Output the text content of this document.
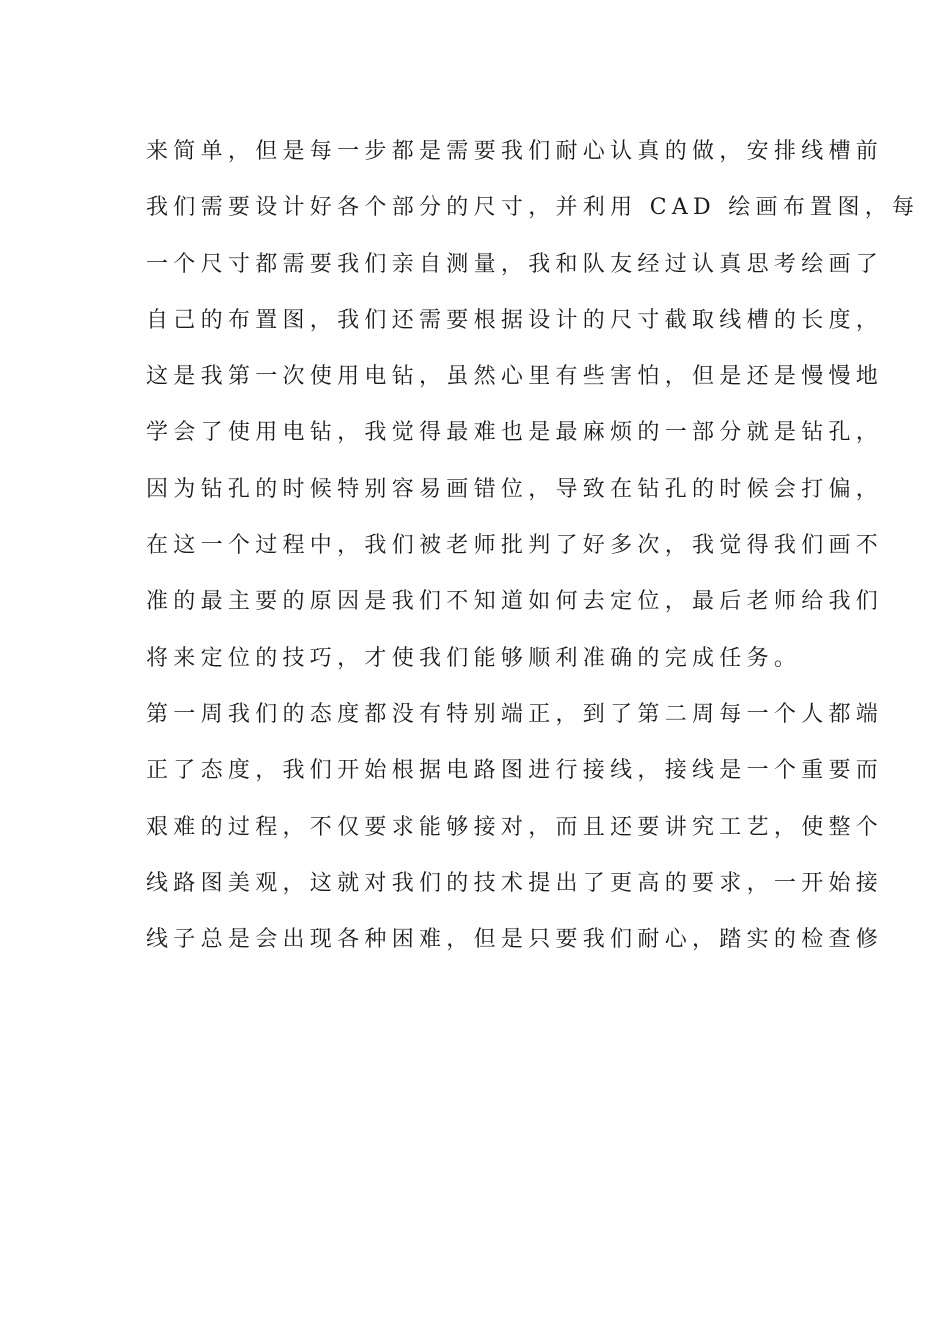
来简单，但是每一步都是需要我们耐心认真的做，安排线槽前
我们需要设计好各个部分的尺寸，并利用 CAD 绘画布置图，每
一个尺寸都需要我们亲自测量，我和队友经过认真思考绘画了
自己的布置图，我们还需要根据设计的尺寸截取线槽的长度，
这是我第一次使用电钻，虽然心里有些害怕，但是还是慢慢地
学会了使用电钻，我觉得最难也是最麻烦的一部分就是钻孔，
因为钻孔的时候特别容易画错位，导致在钻孔的时候会打偏，
在这一个过程中，我们被老师批判了好多次，我觉得我们画不
准的最主要的原因是我们不知道如何去定位，最后老师给我们
将来定位的技巧，才使我们能够顺利准确的完成任务。
第一周我们的态度都没有特别端正，到了第二周每一个人都端
正了态度，我们开始根据电路图进行接线，接线是一个重要而
艰难的过程，不仅要求能够接对，而且还要讲究工艺，使整个
线路图美观，这就对我们的技术提出了更高的要求，一开始接
线子总是会出现各种困难，但是只要我们耐心，踏实的检查修
